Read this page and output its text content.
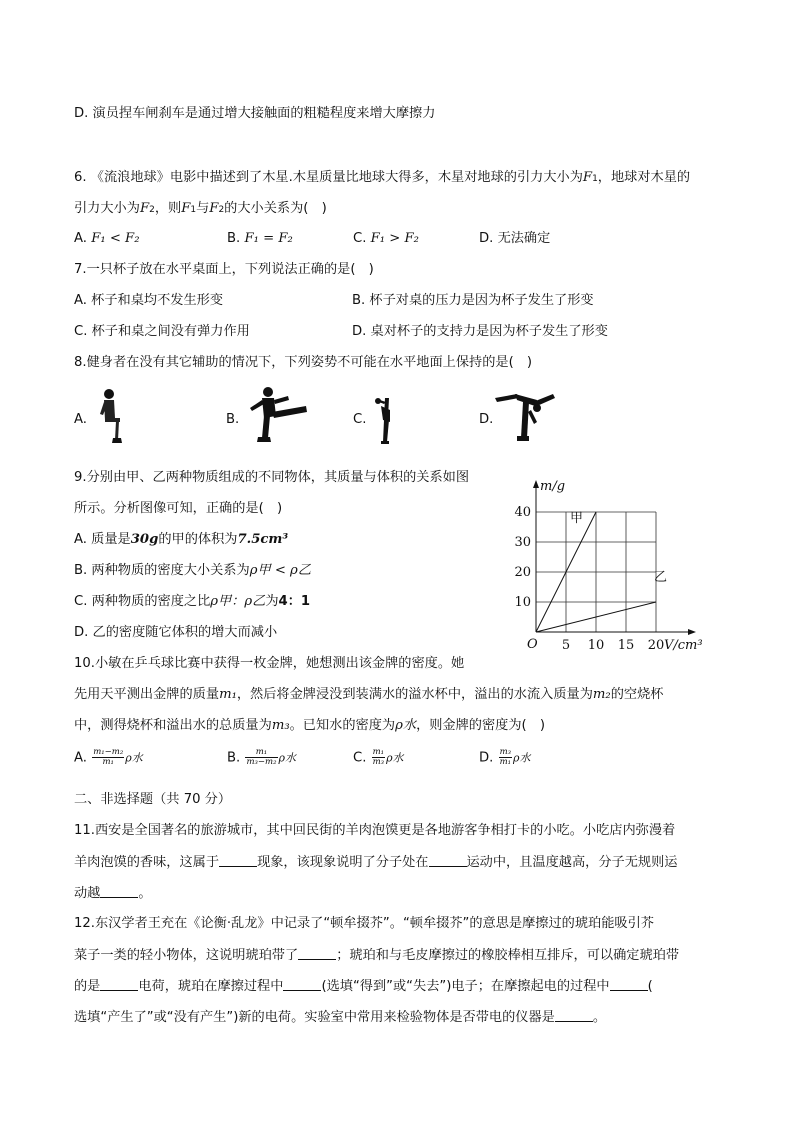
D. 演员捏车闸刹车是通过增大接触面的粗糙程度来增大摩擦力
6. 《流浪地球》电影中描述到了木星.木星质量比地球大得多，木星对地球的引力大小为F1，地球对木星的
引力大小为F2，则F1与F2的大小关系为(　)
A. F₁ < F₂	B. F₁ = F₂	C. F₁ > F₂	D. 无法确定
7.一只杯子放在水平桌面上，下列说法正确的是(　)
A. 杯子和桌均不发生形变	B. 杯子对桌的压力是因为杯子发生了形变
C. 杯子和桌之间没有弹力作用	D. 桌对杯子的支持力是因为杯子发生了形变
8.健身者在没有其它辅助的情况下，下列姿势不可能在水平地面上保持的是(　)
A.	B.	C.	D.
9.分别由甲、乙两种物质组成的不同物体，其质量与体积的关系如图
所示。分析图像可知，正确的是(　)
A. 质量是30g的甲的体积为7.5cm³
B. 两种物质的密度大小关系为ρ甲 < ρ乙
C. 两种物质的密度之比ρ甲：ρ乙为4：1
D. 乙的密度随它体积的增大而减小
5 10 15 20
10
20
30
40
O
m/g
V/cm³
甲
乙
10.小敏在乒乓球比赛中获得一枚金牌，她想测出该金牌的密度。她
先用天平测出金牌的质量m₁，然后将金牌浸没到装满水的溢水杯中，溢出的水流入质量为m₂的空烧杯
中，测得烧杯和溢出水的总质量为m₃。已知水的密度为ρ水，则金牌的密度为(　)
A. $\frac{\text{m₁−m₂}}{\text{m₁}}$ ρ水	B. $\frac{\text{m₁}}{\text{m₃−m₂}}$ ρ水	C. $\frac{\text{m₁}}{\text{m₃}}$ ρ水	D. $\frac{\text{m₃}}{\text{m₁}}$ ρ水
二、非选择题（共 70 分）
11.西安是全国著名的旅游城市，其中回民街的羊肉泡馍更是各地游客争相打卡的小吃。小吃店内弥漫着
羊肉泡馍的香味，这属于	现象，该现象说明了分子处在	运动中，且温度越高，分子无规则运
动越	。
12.东汉学者王充在《论衡·乱龙》中记录了“顿牟掇芥”。“顿牟掇芥”的意思是摩擦过的琥珀能吸引芥
菜子一类的轻小物体，这说明琥珀带了	；琥珀和与毛皮摩擦过的橡胶棒相互排斥，可以确定琥珀带
的是	电荷，琥珀在摩擦过程中	(选填“得到”或“失去”)电子；在摩擦起电的过程中	(
选填“产生了”或“没有产生”)新的电荷。实验室中常用来检验物体是否带电的仪器是	。
